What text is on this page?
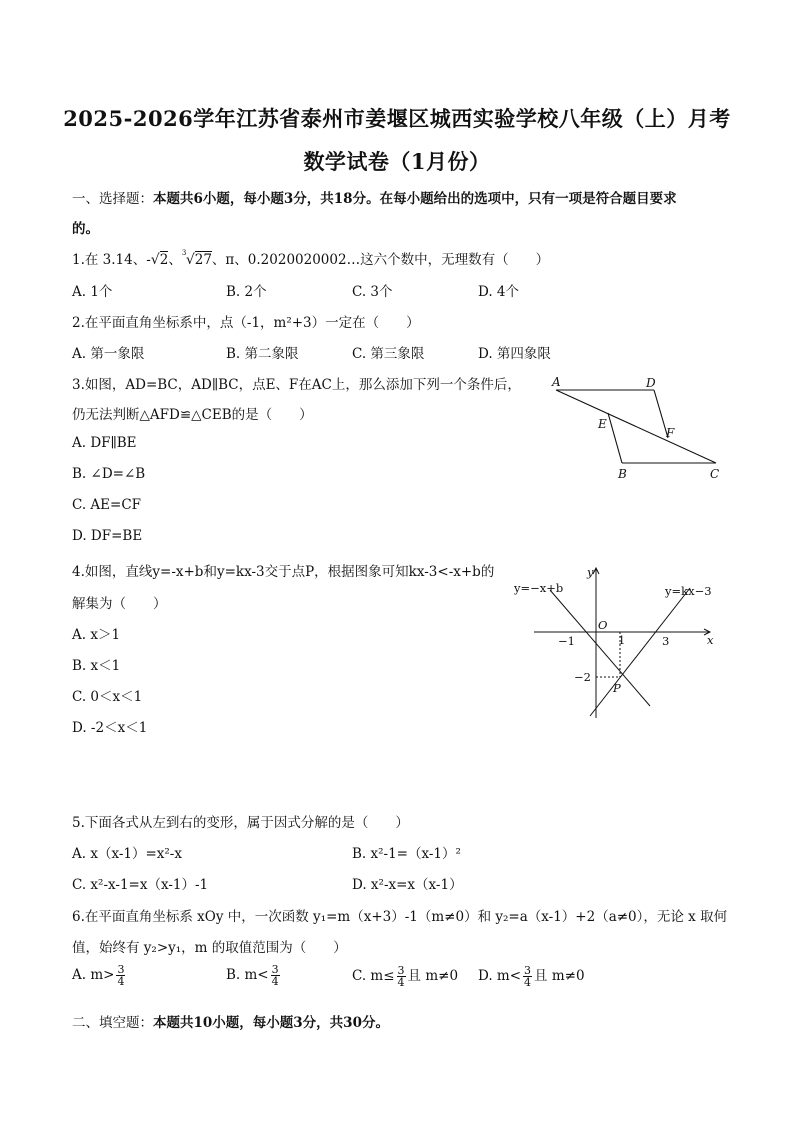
2025-2026学年江苏省泰州市姜堰区城西实验学校八年级（上）月考
数学试卷（1月份）
一、选择题：本题共6小题，每小题3分，共18分。在每小题给出的选项中，只有一项是符合题目要求
的。
1.在 3.14、-√2、 3 √27、π、0.2020020002…这六个数中，无理数有（　　）
A. 1个	B. 2个	C. 3个	D. 4个
2.在平面直角坐标系中，点（-1，m²+3）一定在（　　）
A. 第一象限	B. 第二象限	C. 第三象限	D. 第四象限
3.如图，AD=BC，AD∥BC，点E、F在AC上，那么添加下列一个条件后，
仍无法判断△AFD≌△CEB的是（　　）
A. DF∥BE
B. ∠D=∠B
C. AE=CF
D. DF=BE
A	D
E
F
B	C
4.如图，直线y=-x+b和y=kx-3交于点P，根据图象可知kx-3<-x+b的
解集为（　　）
A. x＞1
B. x＜1
C. 0＜x＜1
D. -2＜x＜1
y
x
O
y=−x+b	y=kx−3
−1	1	3
−2
P
5.下面各式从左到右的变形，属于因式分解的是（　　）
A. x（x-1）=x²-x	B. x²-1=（x-1）²
C. x²-x-1=x（x-1）-1	D. x²-x=x（x-1）
6.在平面直角坐标系 xOy 中，一次函数 y₁=m（x+3）-1（m≠0）和 y₂=a（x-1）+2（a≠0），无论 x 取何
值，始终有 y₂>y₁，m 的取值范围为（　　）
A. $m> \frac{3}{4}$	B. $m< \frac{3}{4}$	C. $m\le \frac{3}{4}$ 且 m≠0 D. $m< \frac{3}{4}$ 且 m≠0
二、填空题：本题共10小题，每小题3分，共30分。
